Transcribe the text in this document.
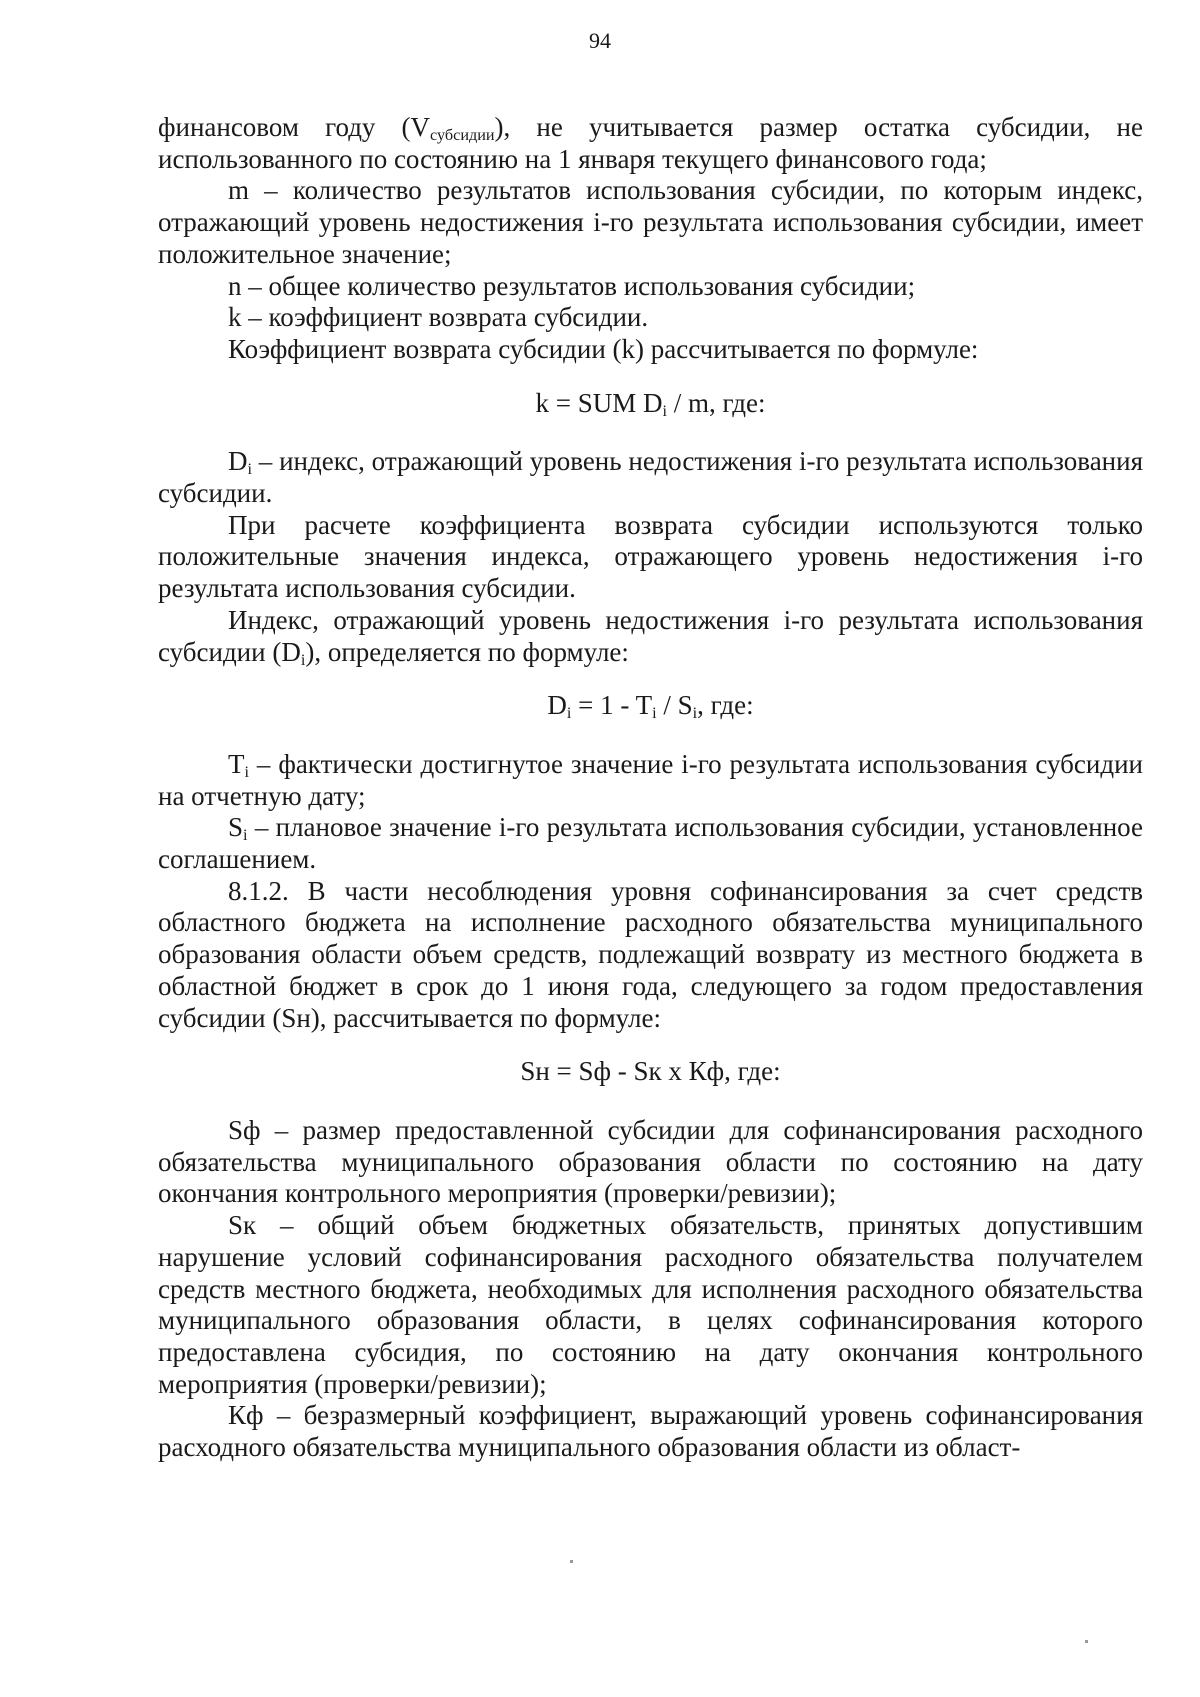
94

финансовом году $(V_{субсидии})$, не учитывается размер остатка субсидии, не использованного по состоянию на 1 января текущего финансового года;

m – количество результатов использования субсидии, по которым индекс, отражающий уровень недостижения i-го результата использования субсидии, имеет положительное значение;

n – общее количество результатов использования субсидии;

k – коэффициент возврата субсидии.

Коэффициент возврата субсидии (k) рассчитывается по формуле:

k = SUM $D_i$ / m, где:

$D_i$ – индекс, отражающий уровень недостижения i-го результата использования субсидии.

При расчете коэффициента возврата субсидии используются только положительные значения индекса, отражающего уровень недостижения i-го результата использования субсидии.

Индекс, отражающий уровень недостижения i-го результата использования субсидии $(D_i)$, определяется по формуле:

$D_i = 1 - T_i / S_i$, где:

$T_i$ – фактически достигнутое значение i-го результата использования субсидии на отчетную дату;

$S_i$ – плановое значение i-го результата использования субсидии, установленное соглашением.

8.1.2. В части несоблюдения уровня софинансирования за счет средств областного бюджета на исполнение расходного обязательства муниципального образования области объем средств, подлежащий возврату из местного бюджета в областной бюджет в срок до 1 июня года, следующего за годом предоставления субсидии (Sн), рассчитывается по формуле:

Sн = Sф - Sк x Кф, где:

Sф – размер предоставленной субсидии для софинансирования расходного обязательства муниципального образования области по состоянию на дату окончания контрольного мероприятия (проверки/ревизии);

Sк – общий объем бюджетных обязательств, принятых допустившим нарушение условий софинансирования расходного обязательства получателем средств местного бюджета, необходимых для исполнения расходного обязательства муниципального образования области, в целях софинансирования которого предоставлена субсидия, по состоянию на дату окончания контрольного мероприятия (проверки/ревизии);

Кф – безразмерный коэффициент, выражающий уровень софинансирования расходного обязательства муниципального образования области из област-
